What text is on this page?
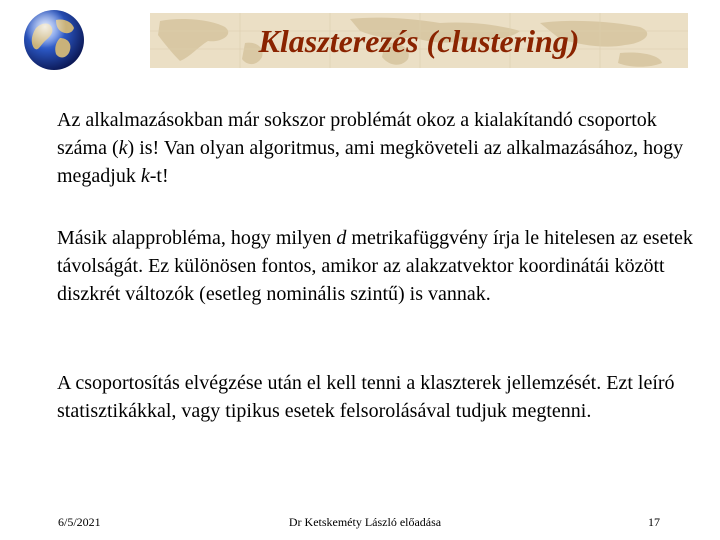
Klaszterezés (clustering)
Az alkalmazásokban már sokszor problémát okoz a kialakítandó csoportok száma (k) is! Van olyan algoritmus, ami megköveteli az alkalmazásához, hogy megadjuk k-t!
Másik alapprobléma, hogy milyen d metrikafüggvény írja le hitelesen az esetek távolságát. Ez különösen fontos, amikor az alakzatvektor koordinátái között diszkrét változók (esetleg nominális szintű) is vannak.
A csoportosítás elvégzése után el kell tenni a klaszterek jellemzését. Ezt leíró statisztikákkal, vagy tipikus esetek felsorolásával tudjuk megtenni.
6/5/2021	Dr Ketskeméty László előadása	17
